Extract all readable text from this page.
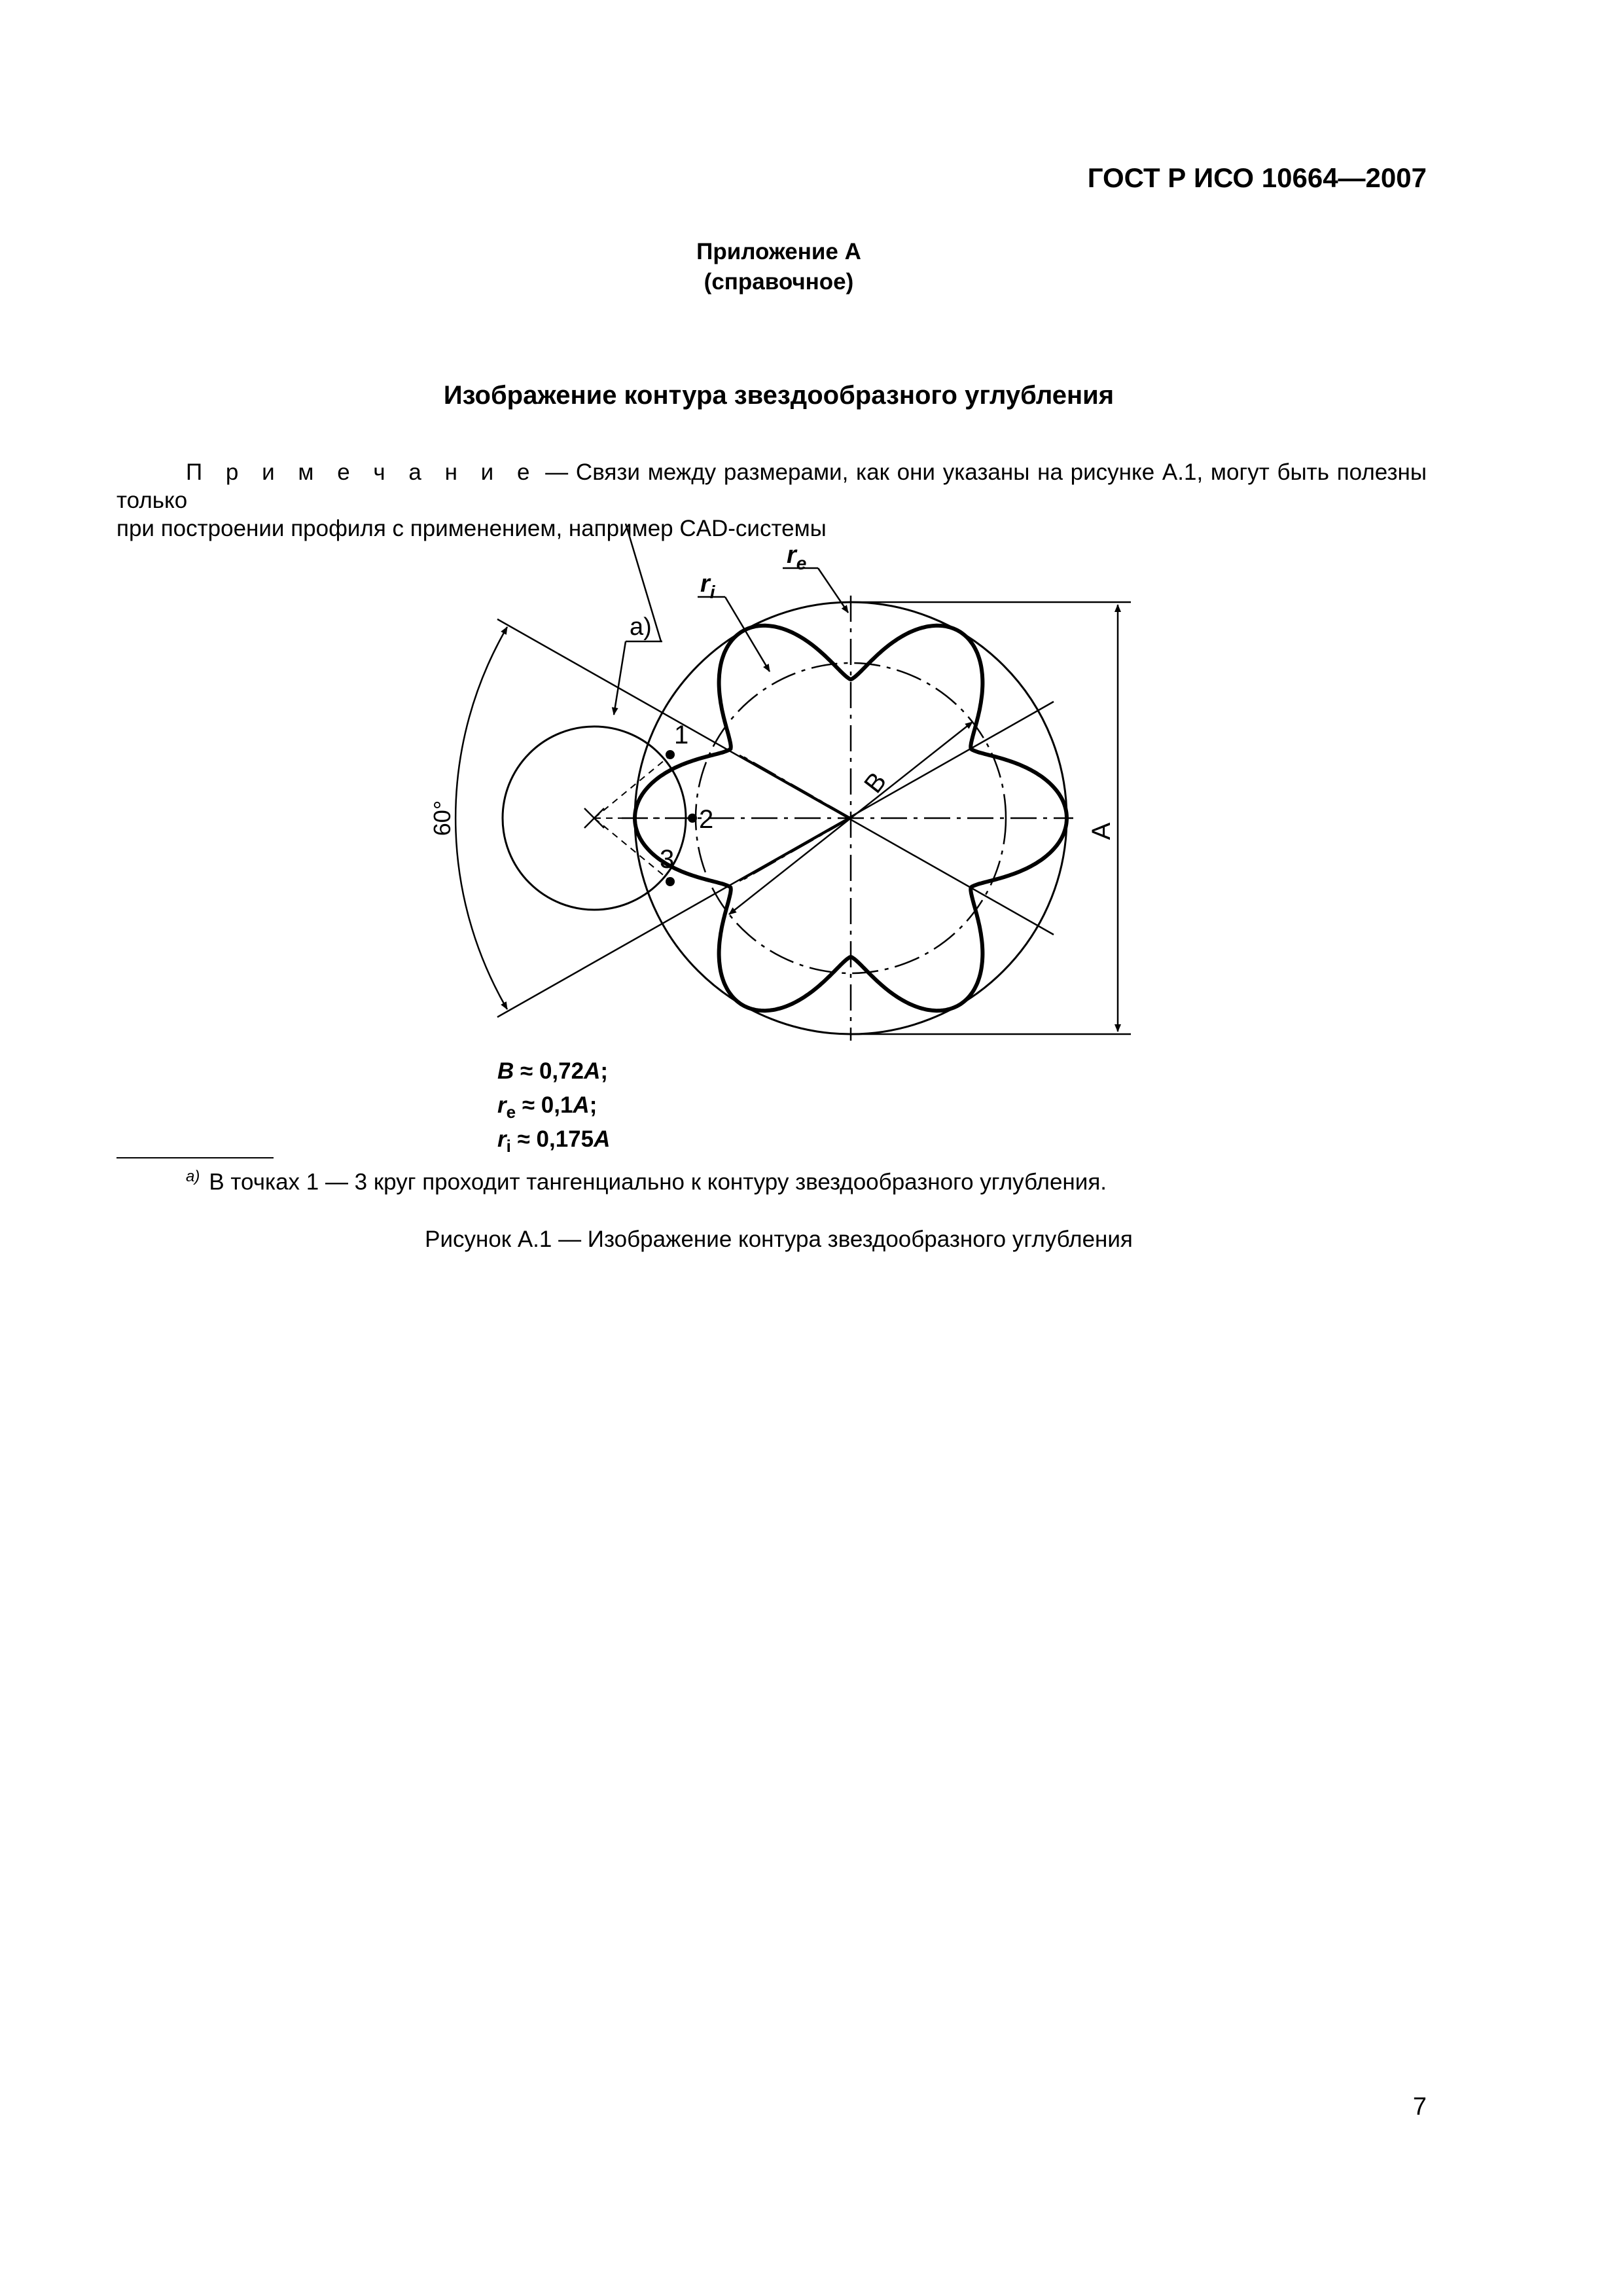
ГОСТ Р ИСО 10664—2007
Приложение А
(справочное)
Изображение контура звездообразного углубления
П р и м е ч а н и е — Связи между размерами, как они указаны на рисунке А.1, могут быть полезны только
при построении профиля с применением, например CAD-системы
1
2
3
A
B
60°
$r_e$
$r_i$
a)
B ≈ 0,72A;
$r_e \approx 0,1A$;
$r_i \approx 0,175A$
$^{a)}$ В точках 1 — 3 круг проходит тангенциально к контуру звездообразного углубления.
Рисунок А.1 — Изображение контура звездообразного углубления
7
